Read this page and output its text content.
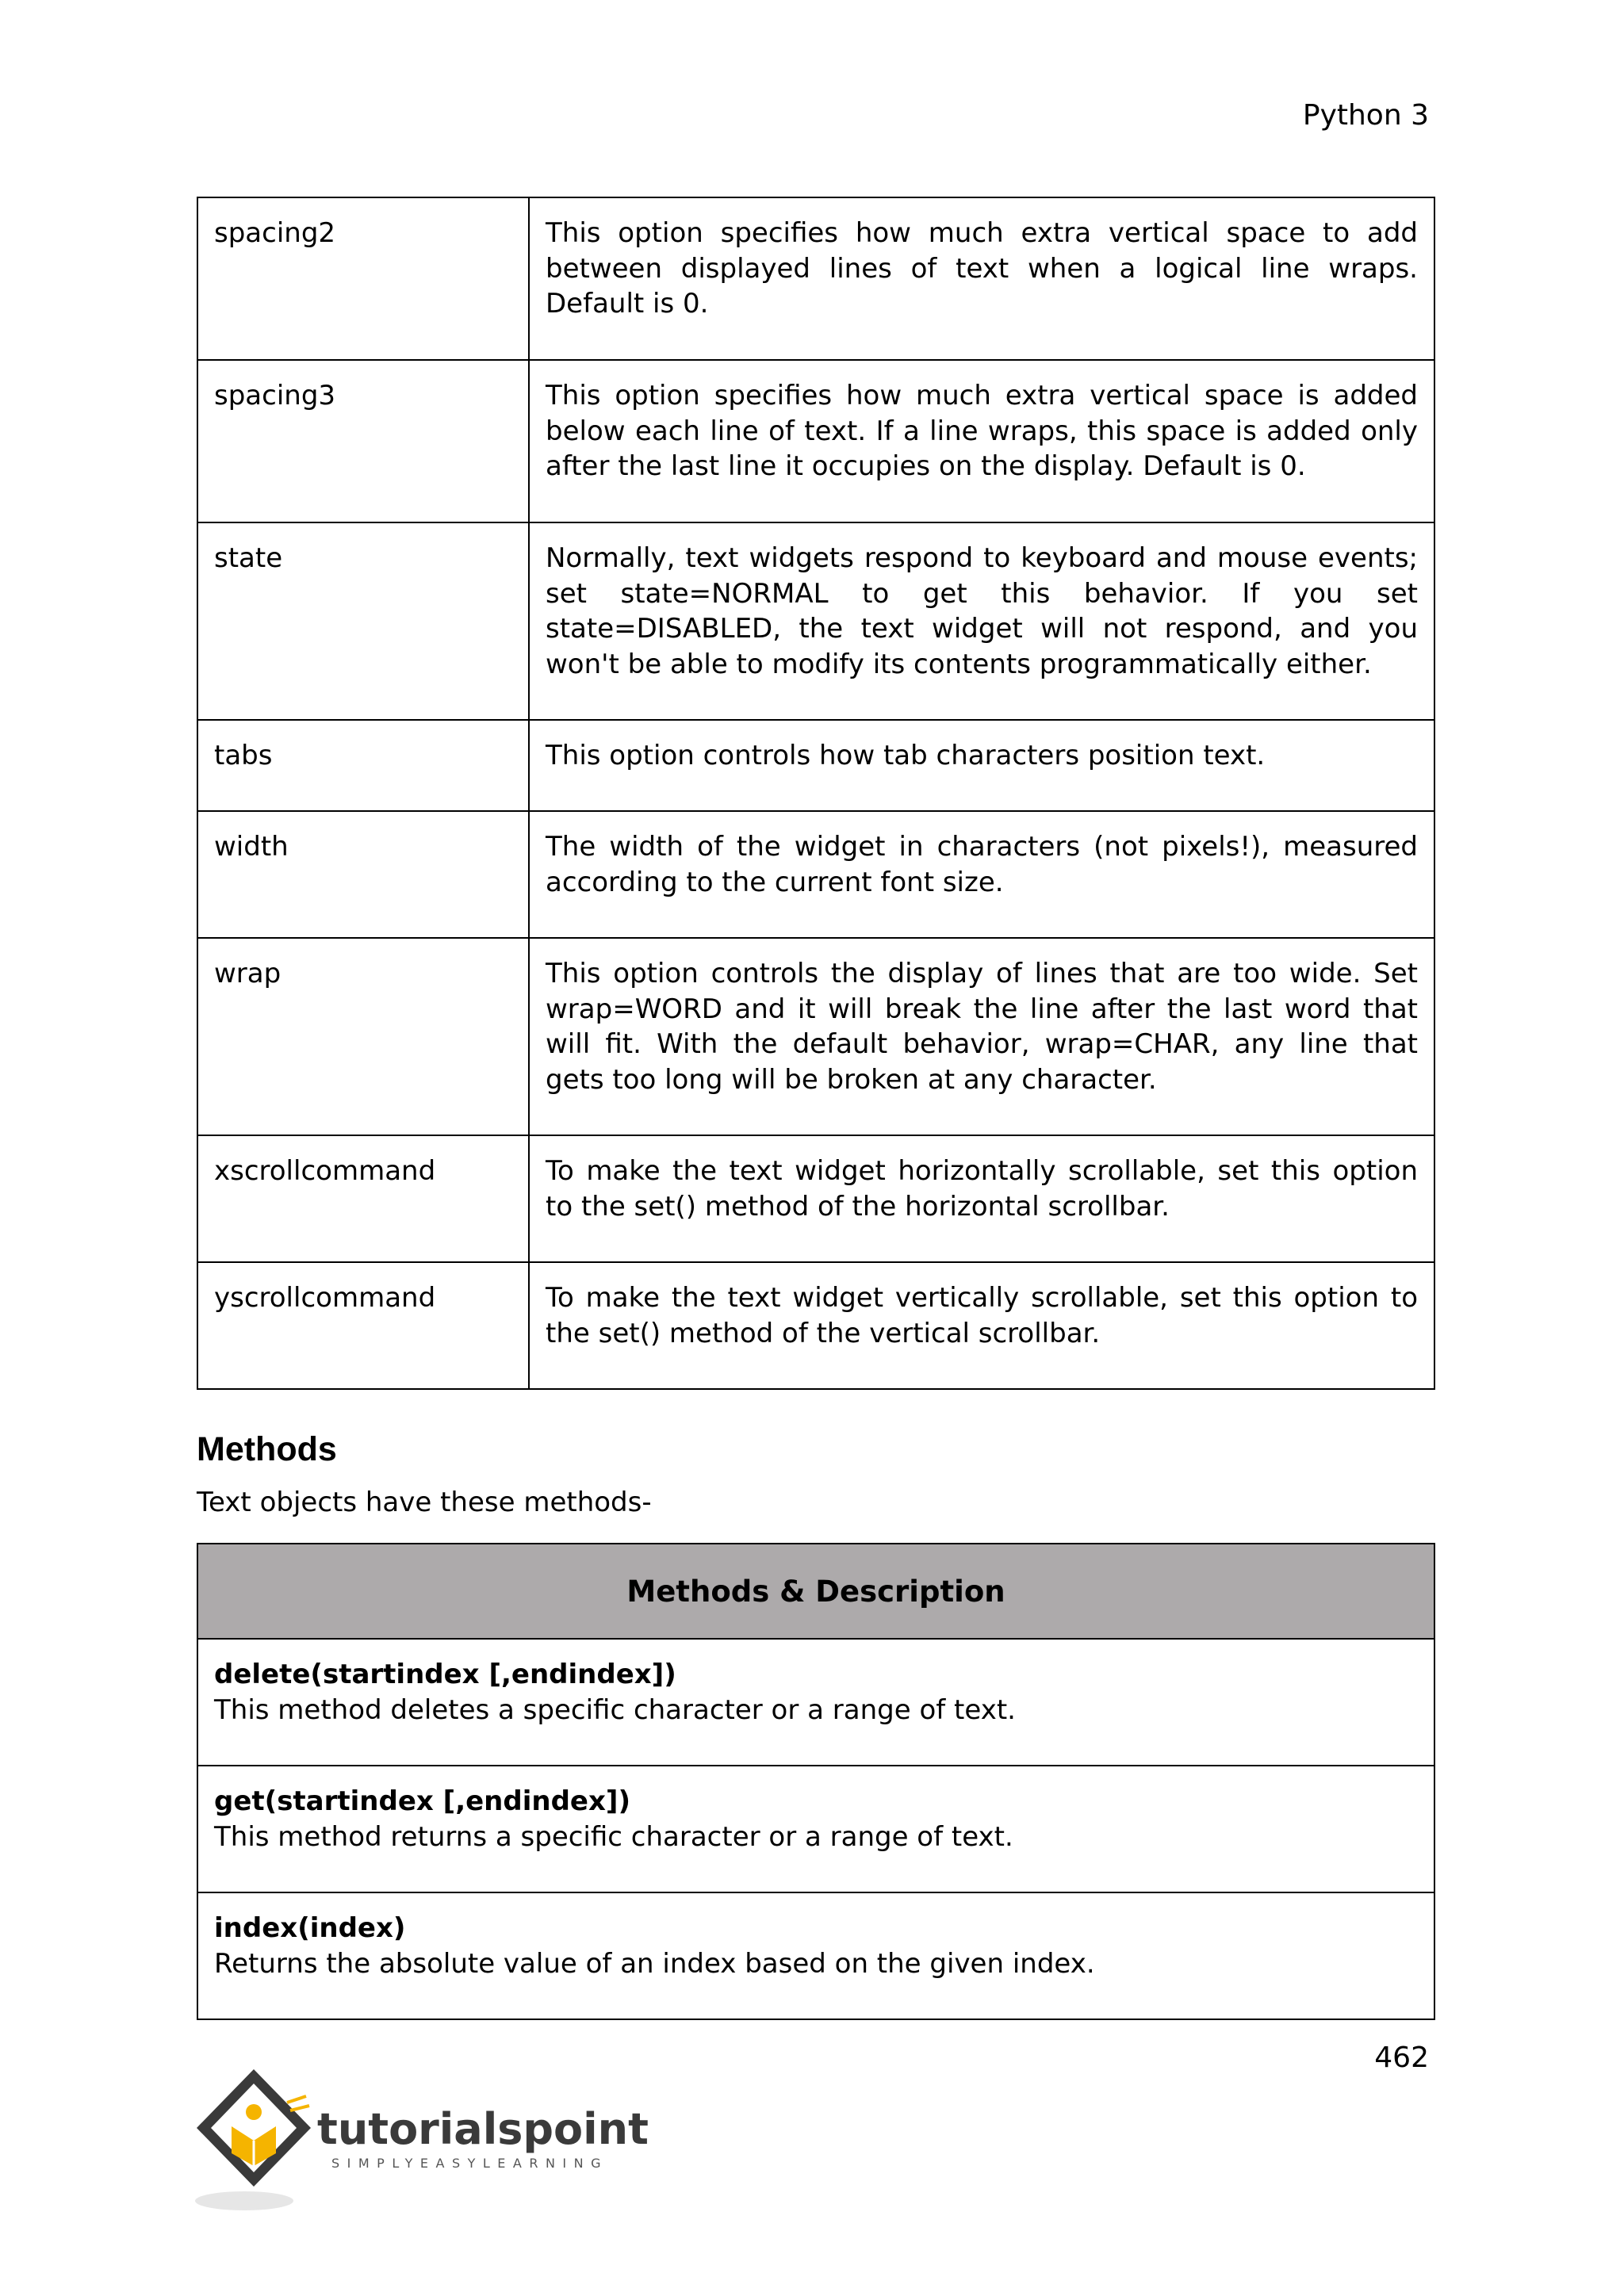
Python 3
spacing2	This option specifies how much extra vertical space to add between displayed lines of text when a logical line wraps. Default is 0.
spacing3	This option specifies how much extra vertical space is added below each line of text. If a line wraps, this space is added only after the last line it occupies on the display. Default is 0.
state	Normally, text widgets respond to keyboard and mouse events; set state=NORMAL to get this behavior. If you set state=DISABLED, the text widget will not respond, and you won't be able to modify its contents programmatically either.
tabs	This option controls how tab characters position text.
width	The width of the widget in characters (not pixels!), measured according to the current font size.
wrap	This option controls the display of lines that are too wide. Set wrap=WORD and it will break the line after the last word that will fit. With the default behavior, wrap=CHAR, any line that gets too long will be broken at any character.
xscrollcommand	To make the text widget horizontally scrollable, set this option to the set() method of the horizontal scrollbar.
yscrollcommand	To make the text widget vertically scrollable, set this option to the set() method of the vertical scrollbar.
Methods

Text objects have these methods-

Methods & Description

delete(startindex [,endindex])
This method deletes a specific character or a range of text.

get(startindex [,endindex])
This method returns a specific character or a range of text.

index(index)
Returns the absolute value of an index based on the given index.
462
tutorialspoint
SIMPLYEASYLEARNING
